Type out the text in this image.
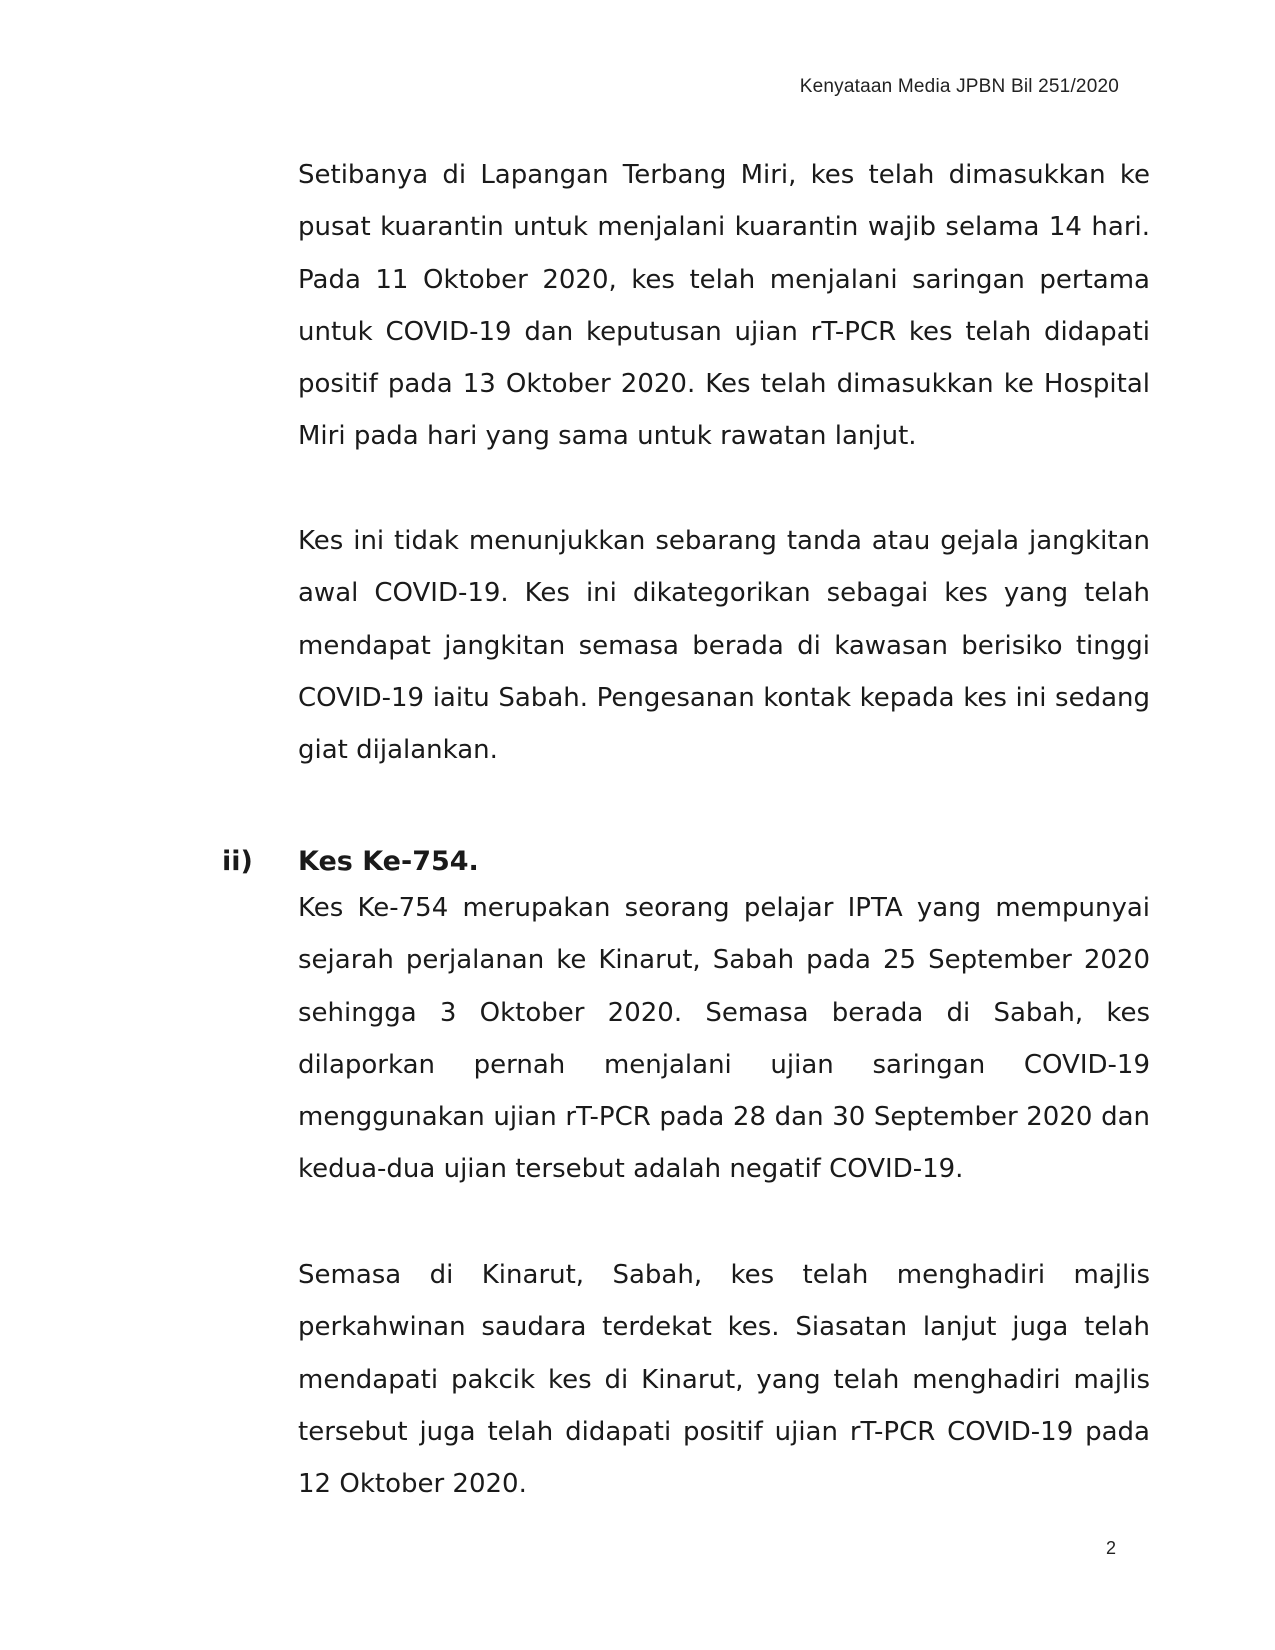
Kenyataan Media JPBN Bil 251/2020

Setibanya di Lapangan Terbang Miri, kes telah dimasukkan ke pusat kuarantin untuk menjalani kuarantin wajib selama 14 hari. Pada 11 Oktober 2020, kes telah menjalani saringan pertama untuk COVID-19 dan keputusan ujian rT-PCR kes telah didapati positif pada 13 Oktober 2020. Kes telah dimasukkan ke Hospital Miri pada hari yang sama untuk rawatan lanjut.

Kes ini tidak menunjukkan sebarang tanda atau gejala jangkitan awal COVID-19. Kes ini dikategorikan sebagai kes yang telah mendapat jangkitan semasa berada di kawasan berisiko tinggi COVID-19 iaitu Sabah. Pengesanan kontak kepada kes ini sedang giat dijalankan.

ii) Kes Ke-754.

Kes Ke-754 merupakan seorang pelajar IPTA yang mempunyai sejarah perjalanan ke Kinarut, Sabah pada 25 September 2020 sehingga 3 Oktober 2020. Semasa berada di Sabah, kes dilaporkan pernah menjalani ujian saringan COVID-19 menggunakan ujian rT-PCR pada 28 dan 30 September 2020 dan kedua-dua ujian tersebut adalah negatif COVID-19.

Semasa di Kinarut, Sabah, kes telah menghadiri majlis perkahwinan saudara terdekat kes. Siasatan lanjut juga telah mendapati pakcik kes di Kinarut, yang telah menghadiri majlis tersebut juga telah didapati positif ujian rT-PCR COVID-19 pada 12 Oktober 2020.

2
